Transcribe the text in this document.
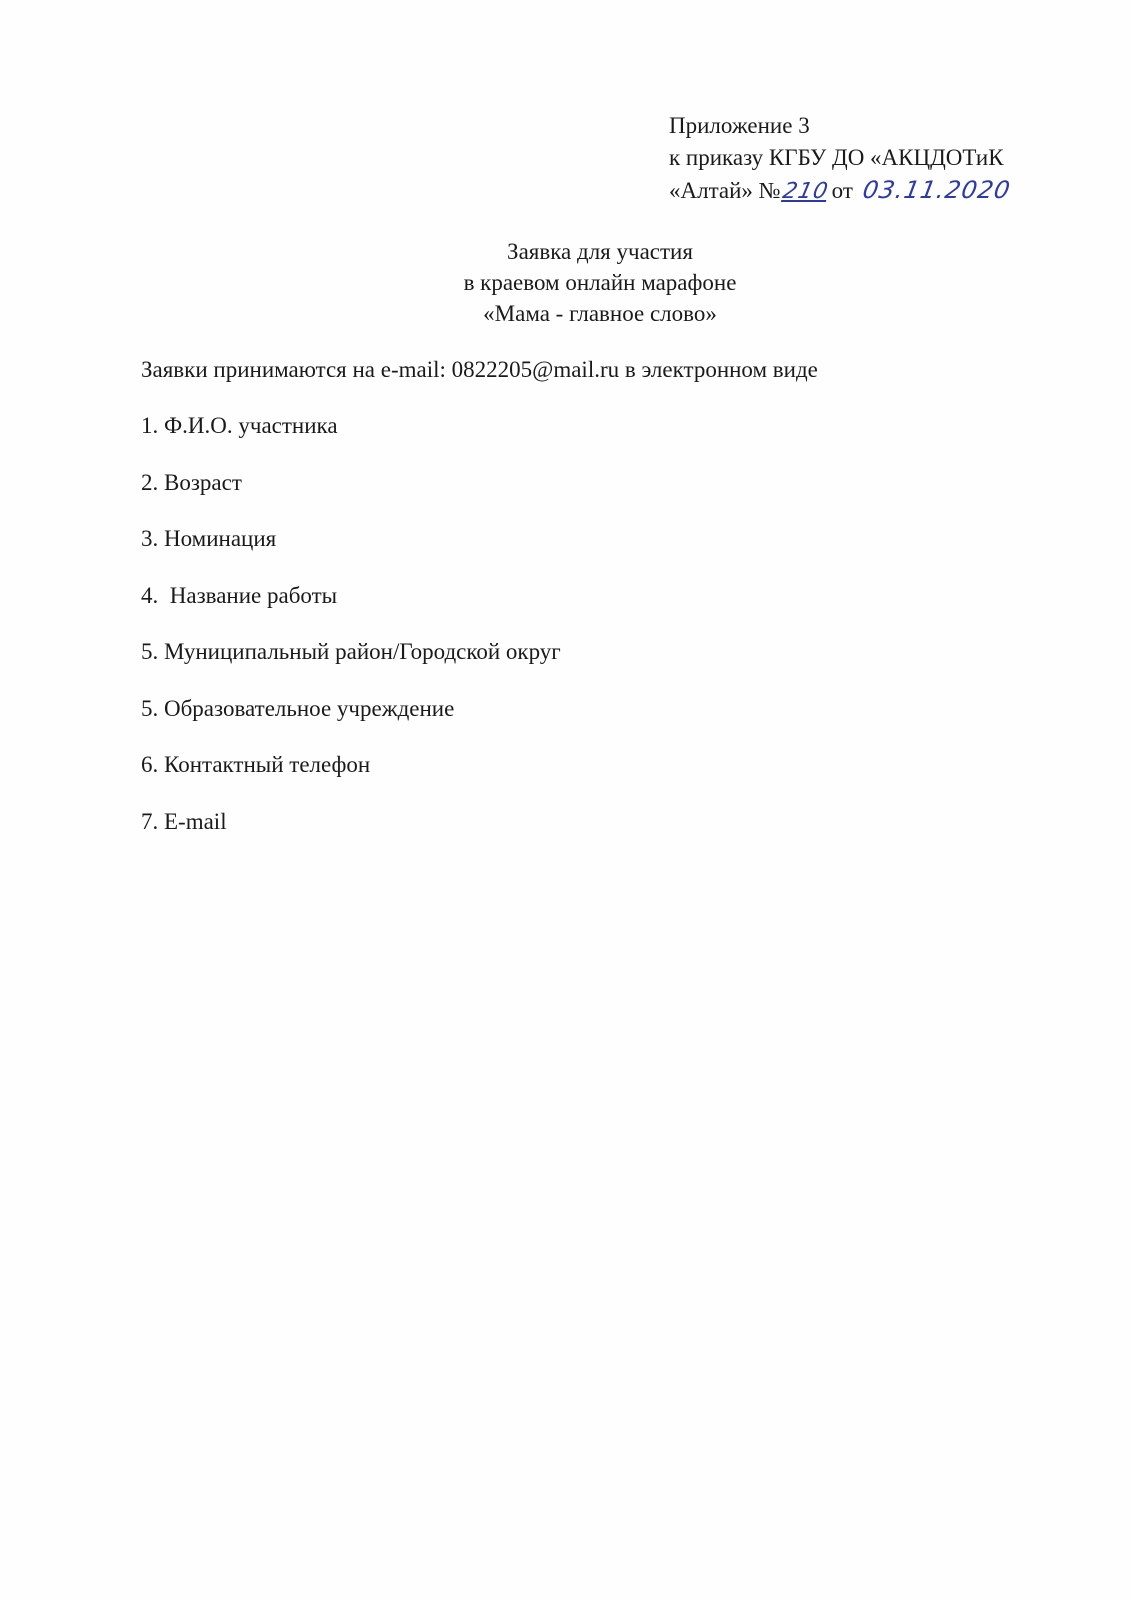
Приложение 3
к приказу КГБУ ДО «АКЦДОТиК
«Алтай» №210от 03.11.2020
Заявка для участия
в краевом онлайн марафоне
«Мама - главное слово»
Заявки принимаются на e-mail: 0822205@mail.ru в электронном виде
1. Ф.И.О. участника
2. Возраст
3. Номинация
4.  Название работы
5. Муниципальный район/Городской округ
5. Образовательное учреждение
6. Контактный телефон
7. E-mail
